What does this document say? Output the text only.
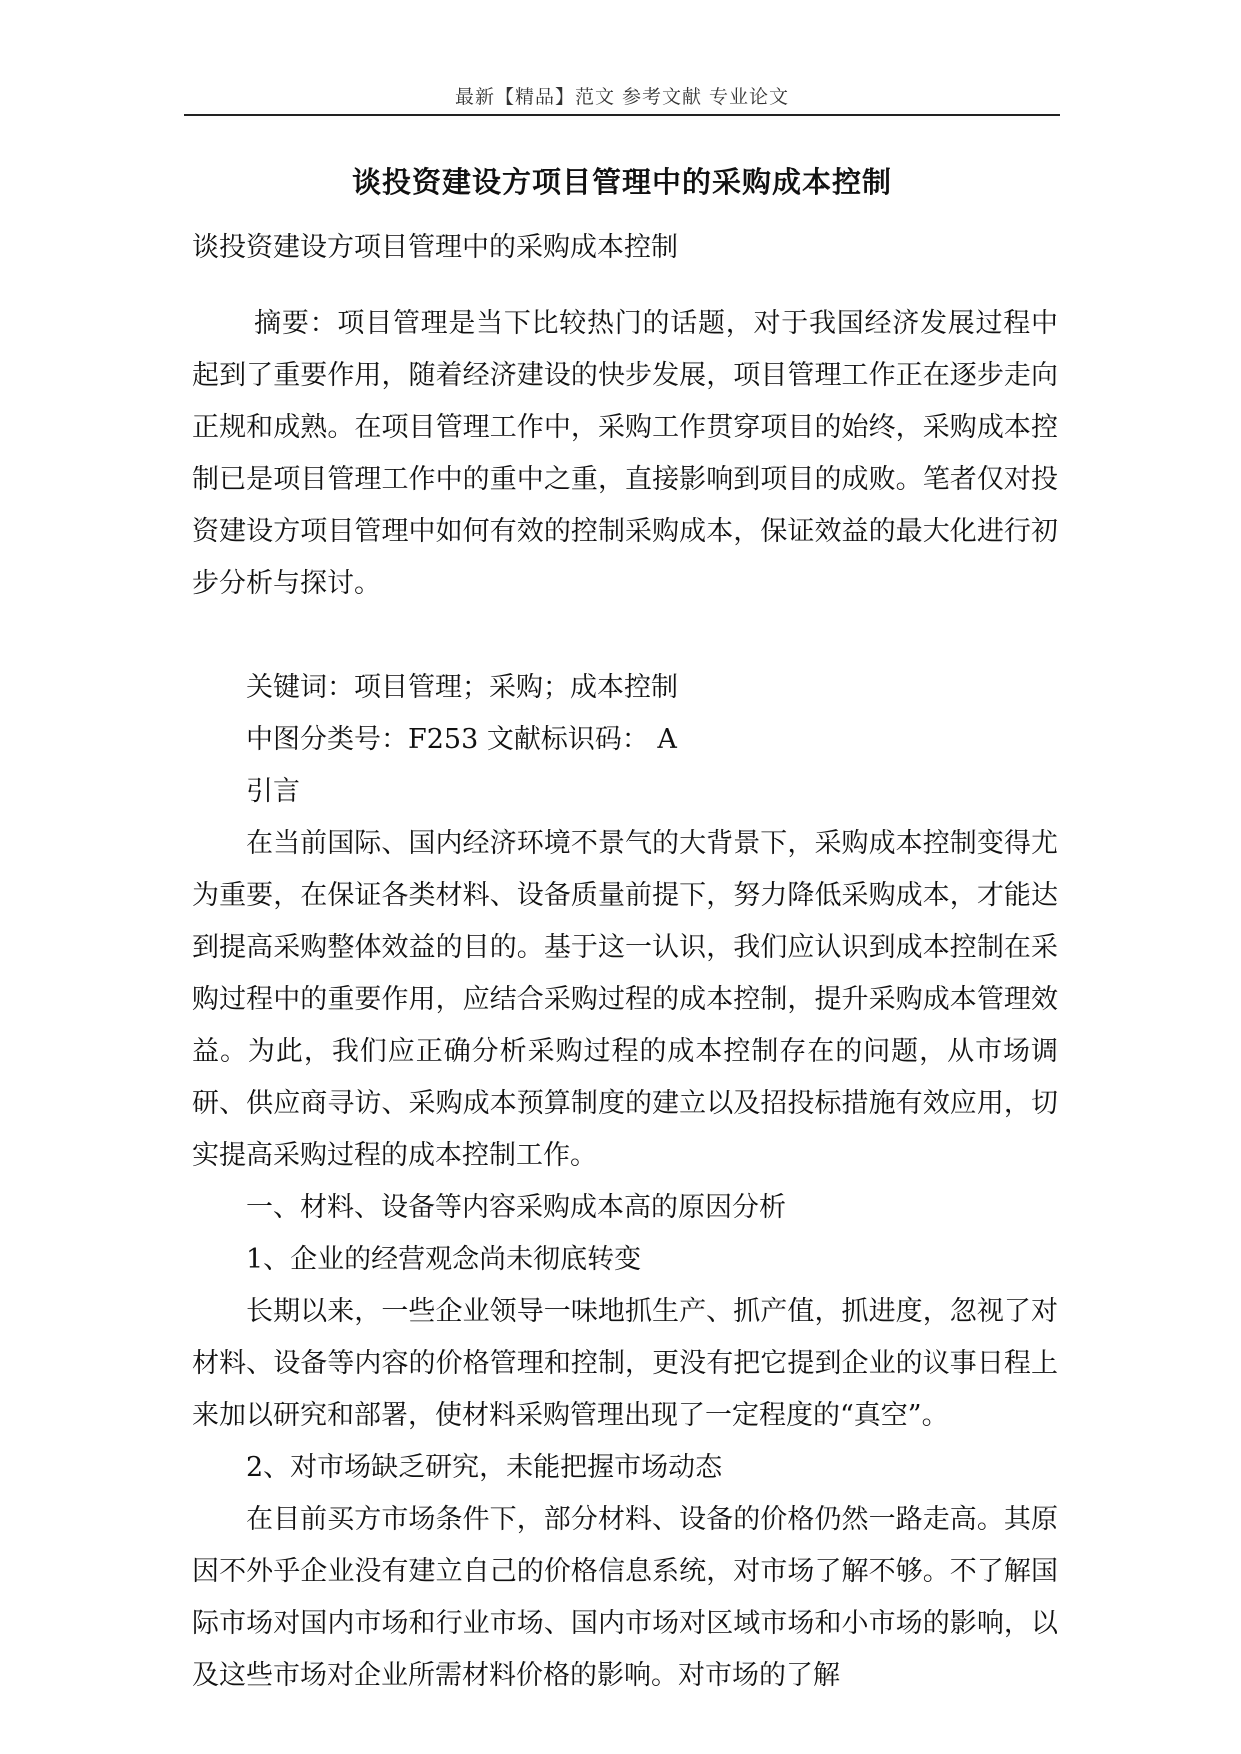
最新【精品】范文 参考文献 专业论文
谈投资建设方项目管理中的采购成本控制

谈投资建设方项目管理中的采购成本控制

摘要：项目管理是当下比较热门的话题，对于我国经济发展过程中起到了重要作用，随着经济建设的快步发展，项目管理工作正在逐步走向正规和成熟。在项目管理工作中，采购工作贯穿项目的始终，采购成本控制已是项目管理工作中的重中之重，直接影响到项目的成败。笔者仅对投资建设方项目管理中如何有效的控制采购成本，保证效益的最大化进行初步分析与探讨。

关键词：项目管理；采购；成本控制

中图分类号：F253 文献标识码： A

引言

在当前国际、国内经济环境不景气的大背景下，采购成本控制变得尤为重要，在保证各类材料、设备质量前提下，努力降低采购成本，才能达到提高采购整体效益的目的。基于这一认识，我们应认识到成本控制在采购过程中的重要作用，应结合采购过程的成本控制，提升采购成本管理效益。为此，我们应正确分析采购过程的成本控制存在的问题，从市场调研、供应商寻访、采购成本预算制度的建立以及招投标措施有效应用，切实提高采购过程的成本控制工作。

一、材料、设备等内容采购成本高的原因分析

1、企业的经营观念尚未彻底转变

长期以来，一些企业领导一味地抓生产、抓产值，抓进度，忽视了对材料、设备等内容的价格管理和控制，更没有把它提到企业的议事日程上来加以研究和部署，使材料采购管理出现了一定程度的“真空”。

2、对市场缺乏研究，未能把握市场动态

在目前买方市场条件下，部分材料、设备的价格仍然一路走高。其原因不外乎企业没有建立自己的价格信息系统，对市场了解不够。不了解国际市场对国内市场和行业市场、国内市场对区域市场和小市场的影响，以及这些市场对企业所需材料价格的影响。对市场的了解
